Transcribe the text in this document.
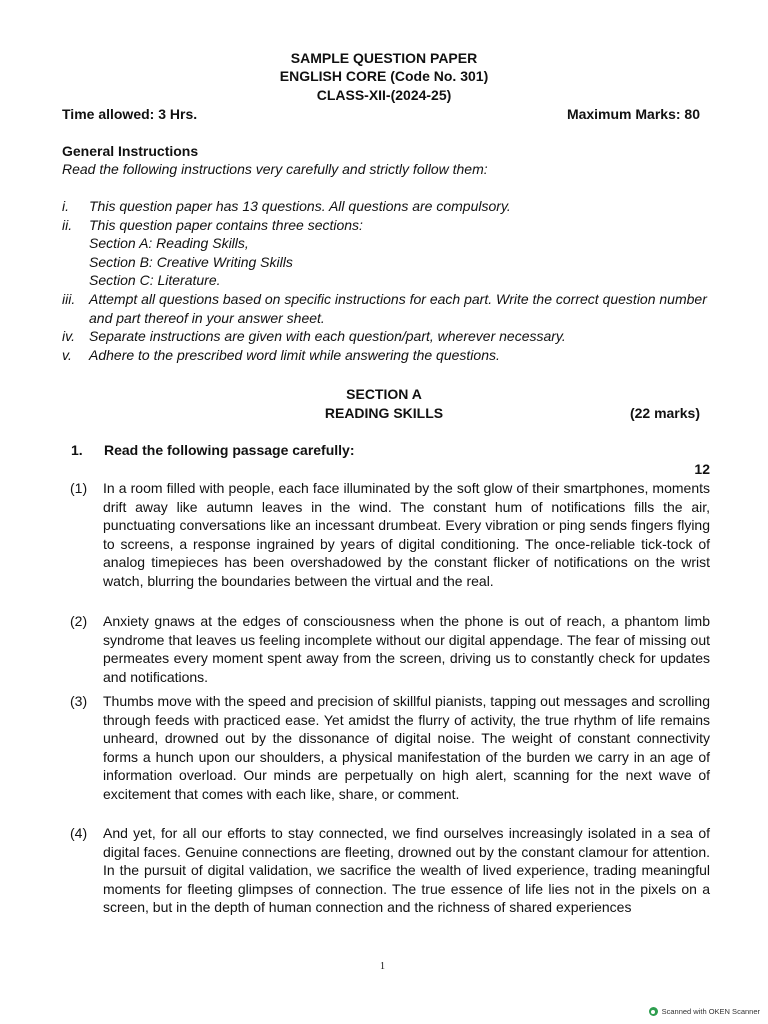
SAMPLE QUESTION PAPER
ENGLISH CORE (Code No. 301)
CLASS-XII-(2024-25)
Time allowed: 3 Hrs.	Maximum Marks: 80
General Instructions
Read the following instructions very carefully and strictly follow them:
i. This question paper has 13 questions. All questions are compulsory.
ii. This question paper contains three sections:
Section A: Reading Skills,
Section B: Creative Writing Skills
Section C: Literature.
iii. Attempt all questions based on specific instructions for each part. Write the correct question number and part thereof in your answer sheet.
iv. Separate instructions are given with each question/part, wherever necessary.
v. Adhere to the prescribed word limit while answering the questions.
SECTION A
READING SKILLS	(22 marks)
1. Read the following passage carefully:
12
(1) In a room filled with people, each face illuminated by the soft glow of their smartphones, moments drift away like autumn leaves in the wind. The constant hum of notifications fills the air, punctuating conversations like an incessant drumbeat. Every vibration or ping sends fingers flying to screens, a response ingrained by years of digital conditioning. The once-reliable tick-tock of analog timepieces has been overshadowed by the constant flicker of notifications on the wrist watch, blurring the boundaries between the virtual and the real.
(2) Anxiety gnaws at the edges of consciousness when the phone is out of reach, a phantom limb syndrome that leaves us feeling incomplete without our digital appendage. The fear of missing out permeates every moment spent away from the screen, driving us to constantly check for updates and notifications.
(3) Thumbs move with the speed and precision of skillful pianists, tapping out messages and scrolling through feeds with practiced ease. Yet amidst the flurry of activity, the true rhythm of life remains unheard, drowned out by the dissonance of digital noise. The weight of constant connectivity forms a hunch upon our shoulders, a physical manifestation of the burden we carry in an age of information overload. Our minds are perpetually on high alert, scanning for the next wave of excitement that comes with each like, share, or comment.
(4) And yet, for all our efforts to stay connected, we find ourselves increasingly isolated in a sea of digital faces. Genuine connections are fleeting, drowned out by the constant clamour for attention. In the pursuit of digital validation, we sacrifice the wealth of lived experience, trading meaningful moments for fleeting glimpses of connection. The true essence of life lies not in the pixels on a screen, but in the depth of human connection and the richness of shared experiences
1
Scanned with OKEN Scanner
